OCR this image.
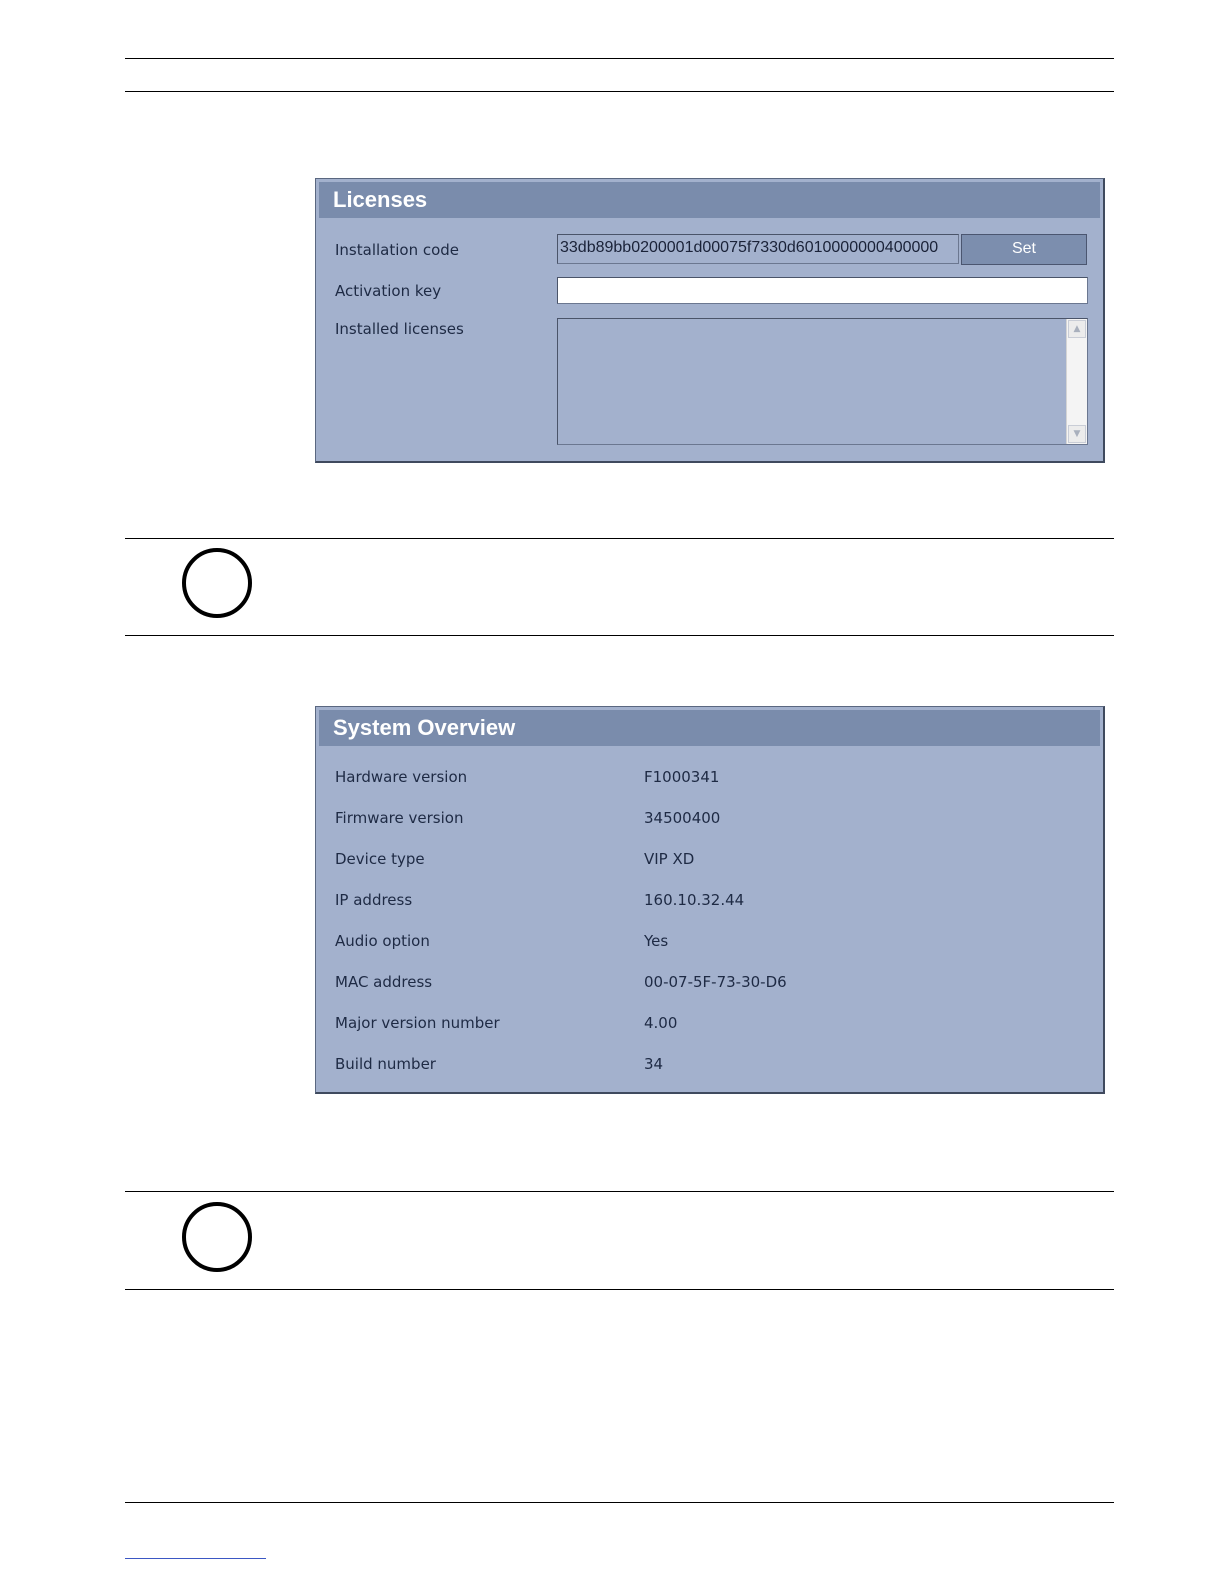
Licenses
Installation code	33db89bb0200001d00075f7330d6010000000400000	Set
Activation key
Installed licenses	▲
▼
System Overview
Hardware version	F1000341
Firmware version	34500400
Device type	VIP XD
IP address	160.10.32.44
Audio option	Yes
MAC address	00-07-5F-73-30-D6
Major version number	4.00
Build number	34
